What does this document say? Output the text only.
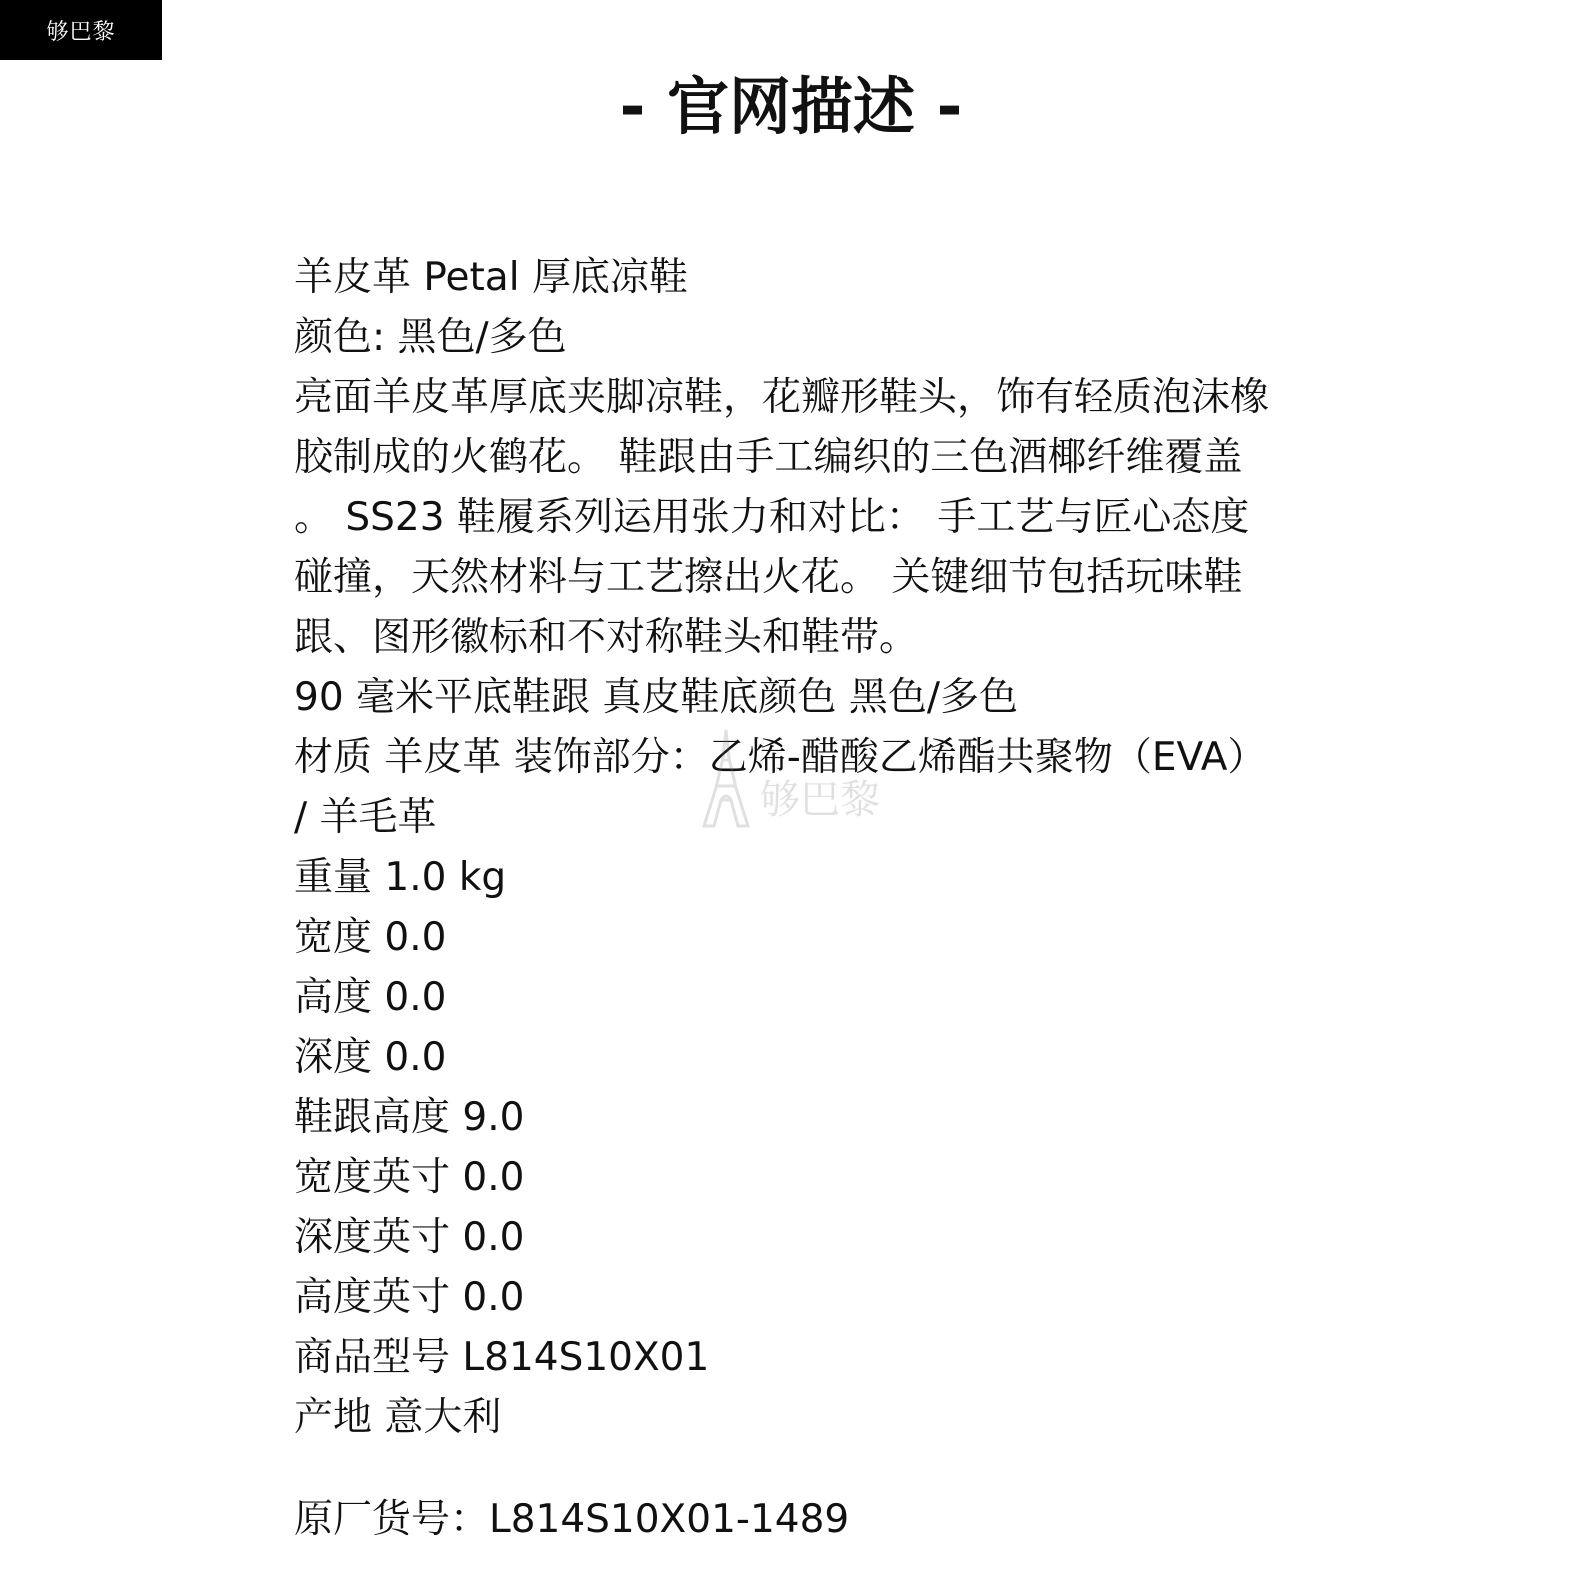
够巴黎
- 官网描述 -
羊皮革 Petal 厚底凉鞋
颜色: 黑色/多色
亮面羊皮革厚底夹脚凉鞋，花瓣形鞋头，饰有轻质泡沫橡
胶制成的火鹤花。 鞋跟由手工编织的三色酒椰纤维覆盖
。 SS23 鞋履系列运用张力和对比： 手工艺与匠心态度
碰撞，天然材料与工艺擦出火花。 关键细节包括玩味鞋
跟、图形徽标和不对称鞋头和鞋带。
90 毫米平底鞋跟 真皮鞋底颜色 黑色/多色
材质 羊皮革 装饰部分：乙烯-醋酸乙烯酯共聚物（EVA）
/ 羊毛革
重量 1.0 kg
宽度 0.0
高度 0.0
深度 0.0
鞋跟高度 9.0
宽度英寸 0.0
深度英寸 0.0
高度英寸 0.0
商品型号 L814S10X01
产地 意大利
原厂货号：L814S10X01-1489
够巴黎
